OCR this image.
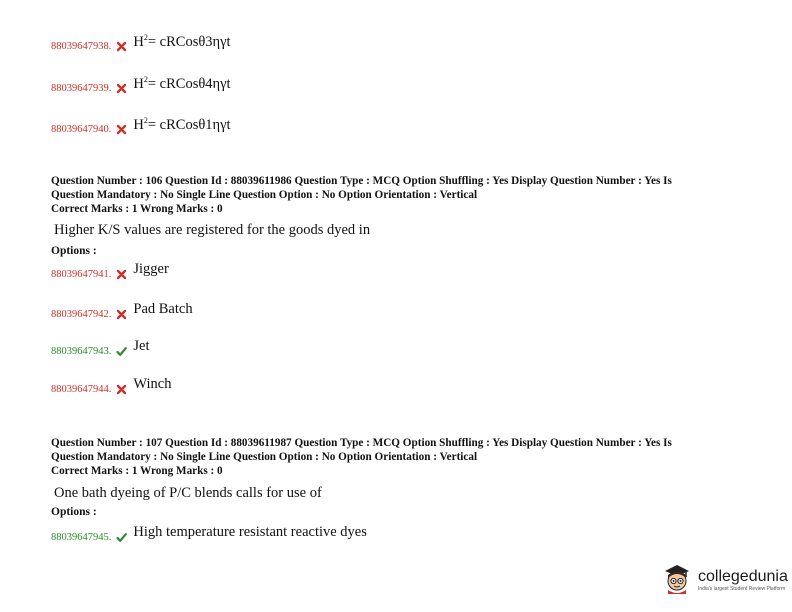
88039647938. $H^2=$ cRCosθ3ηγt
88039647939. $H^2=$ cRCosθ4ηγt
88039647940. $H^2=$ cRCosθ1ηγt
Question Number : 106 Question Id : 88039611986 Question Type : MCQ Option Shuffling : Yes Display Question Number : Yes Is
Question Mandatory : No Single Line Question Option : No Option Orientation : Vertical
Correct Marks : 1 Wrong Marks : 0
Higher K/S values are registered for the goods dyed in
Options :
88039647941. Jigger
88039647942. Pad Batch
88039647943. Jet
88039647944. Winch
Question Number : 107 Question Id : 88039611987 Question Type : MCQ Option Shuffling : Yes Display Question Number : Yes Is
Question Mandatory : No Single Line Question Option : No Option Orientation : Vertical
Correct Marks : 1 Wrong Marks : 0
One bath dyeing of P/C blends calls for use of
Options :
88039647945. High temperature resistant reactive dyes
collegedunia
India's largest Student Review Platform
